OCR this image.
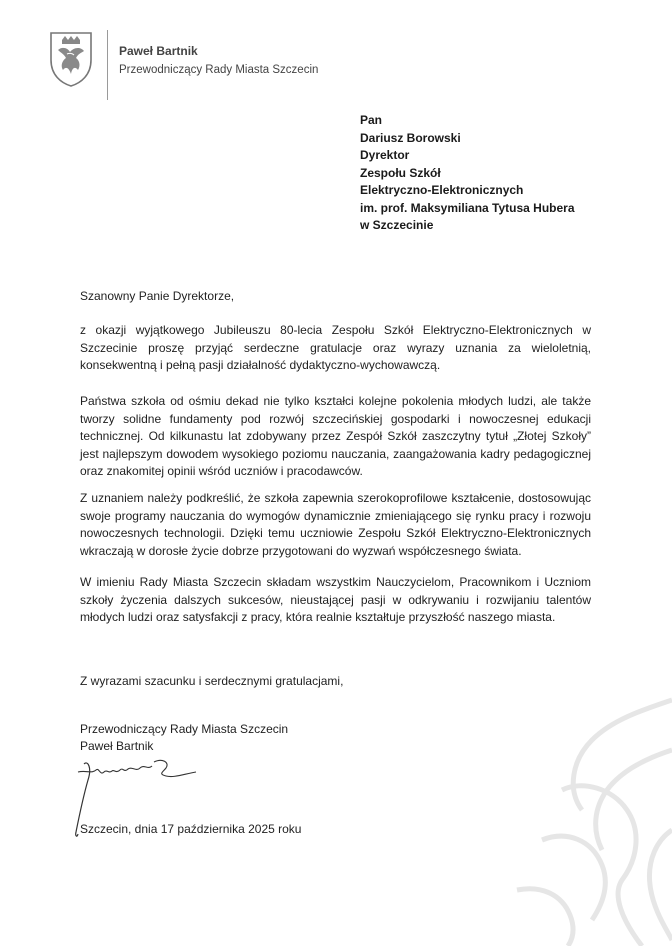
Paweł Bartnik
Przewodniczący Rady Miasta Szczecin
Pan
Dariusz Borowski
Dyrektor
Zespołu Szkół
Elektryczno-Elektronicznych
im. prof. Maksymiliana Tytusa Hubera
w Szczecinie
Szanowny Panie Dyrektorze,

z okazji wyjątkowego Jubileuszu 80-lecia Zespołu Szkół Elektryczno-Elektronicznych w Szczecinie proszę przyjąć serdeczne gratulacje oraz wyrazy uznania za wieloletnią, konsekwentną i pełną pasji działalność dydaktyczno-wychowawczą.

Państwa szkoła od ośmiu dekad nie tylko kształci kolejne pokolenia młodych ludzi, ale także tworzy solidne fundamenty pod rozwój szczecińskiej gospodarki i nowoczesnej edukacji technicznej. Od kilkunastu lat zdobywany przez Zespół Szkół zaszczytny tytuł „Złotej Szkoły” jest najlepszym dowodem wysokiego poziomu nauczania, zaangażowania kadry pedagogicznej oraz znakomitej opinii wśród uczniów i pracodawców.

Z uznaniem należy podkreślić, że szkoła zapewnia szerokoprofilowe kształcenie, dostosowując swoje programy nauczania do wymogów dynamicznie zmieniającego się rynku pracy i rozwoju nowoczesnych technologii. Dzięki temu uczniowie Zespołu Szkół Elektryczno-Elektronicznych wkraczają w dorosłe życie dobrze przygotowani do wyzwań współczesnego świata.

W imieniu Rady Miasta Szczecin składam wszystkim Nauczycielom, Pracownikom i Uczniom szkoły życzenia dalszych sukcesów, nieustającej pasji w odkrywaniu i rozwijaniu talentów młodych ludzi oraz satysfakcji z pracy, która realnie kształtuje przyszłość naszego miasta.

Z wyrazami szacunku i serdecznymi gratulacjami,
Przewodniczący Rady Miasta Szczecin
Paweł Bartnik
Szczecin, dnia 17 października 2025 roku
